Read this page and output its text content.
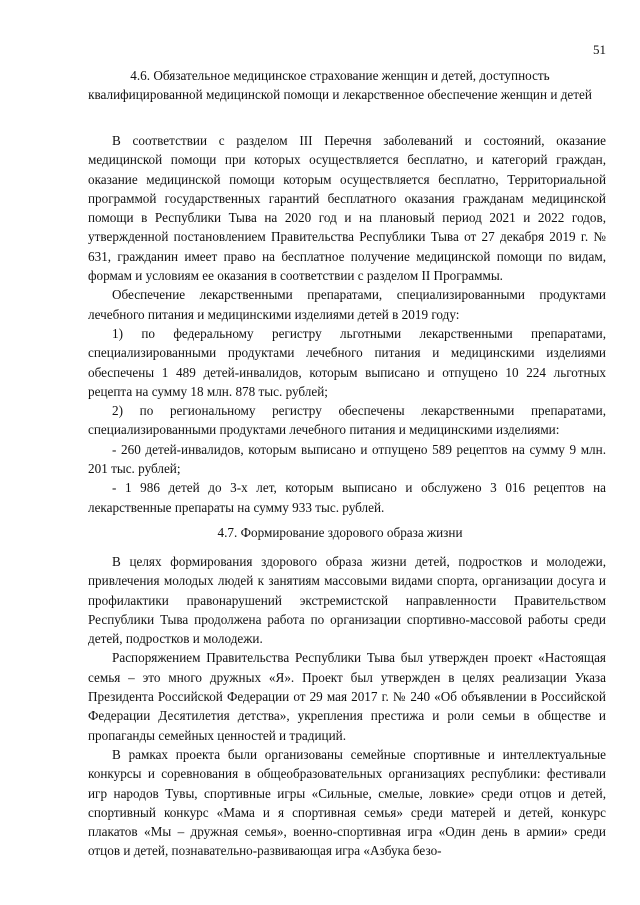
51
4.6. Обязательное медицинское страхование женщин и детей, доступность квалифицированной медицинской помощи и лекарственное обеспечение женщин и детей

В соответствии с разделом III Перечня заболеваний и состояний, оказание медицинской помощи при которых осуществляется бесплатно, и категорий граждан, оказание медицинской помощи которым осуществляется бесплатно, Территориальной программой государственных гарантий бесплатного оказания гражданам медицинской помощи в Республики Тыва на 2020 год и на плановый период 2021 и 2022 годов, утвержденной постановлением Правительства Республики Тыва от 27 декабря 2019 г. № 631, гражданин имеет право на бесплатное получение медицинской помощи по видам, формам и условиям ее оказания в соответствии с разделом II Программы.

Обеспечение лекарственными препаратами, специализированными продуктами лечебного питания и медицинскими изделиями детей в 2019 году:

1) по федеральному регистру льготными лекарственными препаратами, специализированными продуктами лечебного питания и медицинскими изделиями обеспечены 1 489 детей-инвалидов, которым выписано и отпущено 10 224 льготных рецепта на сумму 18 млн. 878 тыс. рублей;

2) по региональному регистру обеспечены лекарственными препаратами, специализированными продуктами лечебного питания и медицинскими изделиями:

- 260 детей-инвалидов, которым выписано и отпущено 589 рецептов на сумму 9 млн. 201 тыс. рублей;

- 1 986 детей до 3-х лет, которым выписано и обслужено 3 016 рецептов на лекарственные препараты на сумму 933 тыс. рублей.

4.7. Формирование здорового образа жизни

В целях формирования здорового образа жизни детей, подростков и молодежи, привлечения молодых людей к занятиям массовыми видами спорта, организации досуга и профилактики правонарушений экстремистской направленности Правительством Республики Тыва продолжена работа по организации спортивно-массовой работы среди детей, подростков и молодежи.

Распоряжением Правительства Республики Тыва был утвержден проект «Настоящая семья – это много дружных «Я». Проект был утвержден в целях реализации Указа Президента Российской Федерации от 29 мая 2017 г. № 240 «Об объявлении в Российской Федерации Десятилетия детства», укрепления престижа и роли семьи в обществе и пропаганды семейных ценностей и традиций.

В рамках проекта были организованы семейные спортивные и интеллектуальные конкурсы и соревнования в общеобразовательных организациях республики: фестивали игр народов Тувы, спортивные игры «Сильные, смелые, ловкие» среди отцов и детей, спортивный конкурс «Мама и я спортивная семья» среди матерей и детей, конкурс плакатов «Мы – дружная семья», военно-спортивная игра «Один день в армии» среди отцов и детей, познавательно-развивающая игра «Азбука безо-
